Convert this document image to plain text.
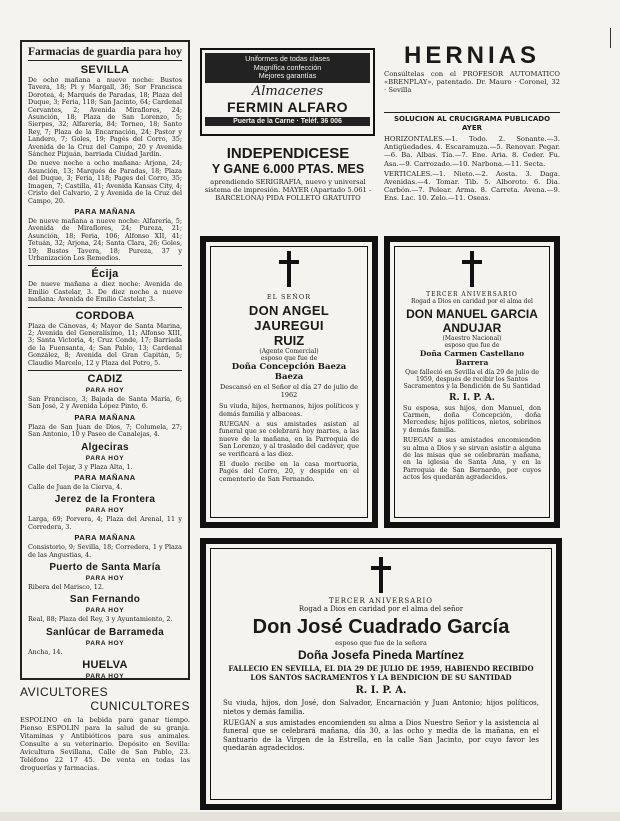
Farmacias de guardia para hoy
SEVILLA
De ocho mañana a nueve noche: Bustos Tavera, 18; Pi y Margall, 36; Sor Francisca Dorotea, 4; Marqués de Paradas, 18; Plaza del Duque, 3; Feria, 118; San Jacinto, 64; Cardenal Cervantes, 2; Avenida Miraflores, 24; Asunción, 18; Plaza de San Lorenzo, 5; Sierpes, 32; Alfarería, 84; Torneo, 18; Santo Rey, 7; Plaza de la Encarnación, 24; Pastor y Landero, 7; Goles, 19; Pagés del Corro, 35; Avenida de la Cruz del Campo, 20 y Avenida Sánchez Pizjuán, barriada Ciudad Jardín.
De nueve noche a ocho mañana: Arjona, 24; Asunción, 13; Marqués de Paradas, 18; Plaza del Duque, 3; Feria, 118; Pages del Corro, 35; Imagen, 7; Castilla, 41; Avenida Kansas City, 4; Cristo del Calvario, 2 y Avenida de la Cruz del Campo, 20.
PARA MAÑANA
De nueve mañana a nueve noche: Alfarería, 5; Avenida de Miraflores, 24; Pureza, 21; Asunción, 18; Feria, 106; Alfonso XII, 41; Tetuán, 32; Arjona, 24; Santa Clara, 26; Goles, 19; Bustos Tavera, 18; Pureza, 37 y Urbanización Los Remedios.
Écija
De nueve mañana a diez noche: Avenida de Emilio Castelar, 3. De diez noche a nueve mañana: Avenida de Emilio Castelar, 3.
CORDOBA
Plaza de Cánovas, 4; Mayor de Santa Marina, 2; Avenida del Generalísimo, 11; Alfonso XIII, 3; Santa Victoria, 4; Cruz Conde, 17; Barriada de la Fuensanta, 4; San Pablo, 13; Cardenal González, 8; Avenida del Gran Capitán, 5; Claudio Marcelo, 12 y Plaza del Potro, 5.
CADIZ
PARA HOY
San Francisco, 3; Bajada de Santa María, 6; San José, 2 y Avenida López Pinto, 6.
PARA MAÑANA
Plaza de San Juan de Dios, 7; Columela, 27; San Antonio, 10 y Paseo de Canalejas, 4.
Algeciras
PARA HOY
Calle del Tejar, 3 y Plaza Alta, 1.
PARA MAÑANA
Calle de Juan de la Cierva, 4.
Jerez de la Frontera
PARA HOY
Larga, 69; Porvera, 4; Plaza del Arenal, 11 y Corredera, 3.
PARA MAÑANA
Consistorio, 9; Sevilla, 18; Corredera, 1 y Plaza de las Angustias, 4.
Puerto de Santa María
PARA HOY
Ribera del Marisco, 12.
San Fernando
PARA HOY
Real, 88; Plaza del Rey, 3 y Ayuntamiento, 2.
Sanlúcar de Barrameda
PARA HOY
Ancha, 14.
HUELVA
PARA HOY
AVICULTORES
CUNICULTORES
ESPOLINO en la bebida para ganar tiempo. Pienso ESPOLIN para la salud de su granja. Vitaminas y Antibióticos para sus animales. Consulte a su veterinario. Depósito en Sevilla: Avicultura Sevillana, Calle de San Pablo, 23. Teléfono 22 17 45. De venta en todas las droguerías y farmacias.
Uniformes de todas clases
Magnífica confección
Mejores garantías
Almacenes
FERMIN ALFARO
Puerta de la Carne · Teléf. 36 006
INDEPENDICESE
Y GANE 6.000 PTAS. MES
aprendiendo SERIGRAFIA, nuevo y universal sistema de impresión. MAYER (Apartado 5.061 - BARCELONA) PIDA FOLLETO GRATUITO
HERNIAS
Consúltelas con el PROFESOR AUTOMATICO «BRENPLAY», patentado. Dr. Mauro · Coronel, 32 · Sevilla
SOLUCION AL CRUCIGRAMA PUBLICADO AYER
HORIZONTALES.—1. Todo. 2. Sonante.—3. Antigüedades. 4. Escaramuza.—5. Renovar. Pegar.—6. Ba. Albas. Tía.—7. Ene. Aria. 8. Ceder. Fu. Asa.—9. Carrozado.—10. Narbona.—11. Secta.
VERTICALES.—1. Nieto.—2. Aosta. 3. Daga. Avenidas.—4. Tomar. Tib. 5. Alboroto. 6. Dia. Carbón.—7. Pelear. Arma. 8. Carreta. Avena.—9. Ens. Lac. 10. Zelo.—11. Oseas.
EL SEÑOR
DON ANGEL JAUREGUI
RUIZ
(Agente Comercial)
esposo que fue de
Doña Concepción Baeza Baeza
Descansó en el Señor el día 27 de julio de 1962
Su viuda, hijos, hermanos, hijos políticos y demás familia y albaceas.
RUEGAN a sus amistades asistan al funeral que se celebrará hoy martes, a las nueve de la mañana, en la Parroquia de San Lorenzo, y al traslado del cadáver, que se verificará a las diez.
El duelo recibe en la casa mortuoria, Pagés del Corro, 20, y despide en el cementerio de San Fernando.
TERCER ANIVERSARIO
Rogad a Dios en caridad por el alma del
DON MANUEL GARCIA
ANDUJAR
(Maestro Nacional)
esposo que fue de
Doña Carmen Castellano Barrera
Que falleció en Sevilla el día 29 de julio de 1959, después de recibir los Santos Sacramentos y la Bendición de Su Santidad
R. I. P. A.
Su esposa, sus hijos, don Manuel, don Carmen, doña Concepción, doña Mercedes; hijos políticos, nietos, sobrinos y demás familia.
RUEGAN a sus amistades encomienden su alma a Dios y se sirvan asistir a alguna de las misas que se celebrarán mañana, en la iglesia de Santa Ana, y en la Parroquia de San Bernardo, por cuyos actos les quedarán agradecidos.
TERCER ANIVERSARIO
Rogad a Dios en caridad por el alma del señor
Don José Cuadrado García
esposo que fue de la señora
Doña Josefa Pineda Martínez
FALLECIO EN SEVILLA, EL DIA 29 DE JULIO DE 1959, HABIENDO RECIBIDO LOS SANTOS SACRAMENTOS Y LA BENDICION DE SU SANTIDAD
R. I. P. A.
Su viuda, hijos, don José, don Salvador, Encarnación y Juan Antonio; hijos políticos, nietos y demás familia.
RUEGAN a sus amistades encomienden su alma a Dios Nuestro Señor y la asistencia al funeral que se celebrará mañana, día 30, a las ocho y media de la mañana, en el Santuario de la Virgen de la Estrella, en la calle San Jacinto, por cuyo favor les quedarán agradecidos.
